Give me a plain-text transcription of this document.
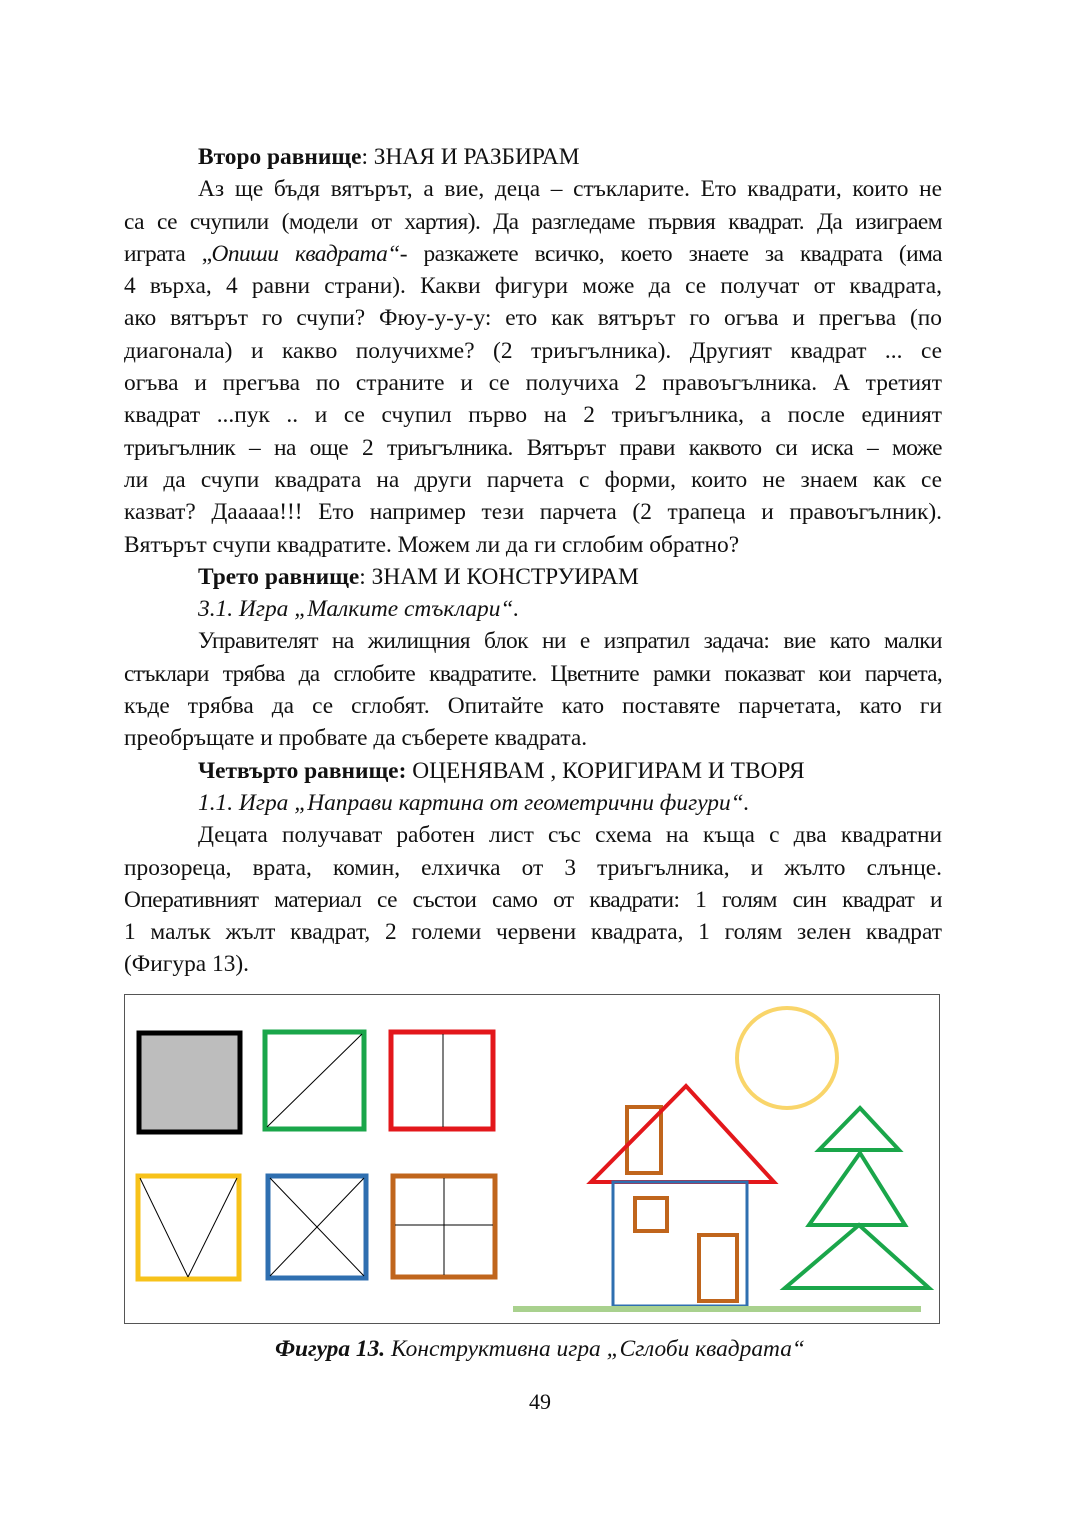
Второ равнище: ЗНАЯ И РАЗБИРАМ
Аз ще бъдя вятърът, а вие, деца – стъкларите. Ето квадрати, които не
са се счупили (модели от хартия). Да разгледаме първия квадрат. Да изиграем
играта „Опиши квадрата“- разкажете всичко, което знаете за квадрата (има
4 върха, 4 равни страни). Какви фигури може да се получат от квадрата,
ако вятърът го счупи? Фюу-у-у-у: ето как вятърът го огъва и прегъва (по
диагонала) и какво получихме? (2 триъгълника). Другият квадрат ... се
огъва и прегъва по страните и се получиха 2 правоъгълника. А третият
квадрат ...пук .. и се счупил първо на 2 триъгълника, а после единият
триъгълник – на още 2 триъгълника. Вятърът прави каквото си иска – може
ли да счупи квадрата на други парчета с форми, които не знаем как се
казват? Дааааа!!! Ето например тези парчета (2 трапеца и правоъгълник).
Вятърът счупи квадратите. Можем ли да ги сглобим обратно?
Трето равнище: ЗНАМ И КОНСТРУИРАМ
3.1. Игра „Малките стъклари“.
Управителят на жилищния блок ни е изпратил задача: вие като малки
стъклари трябва да сглобите квадратите. Цветните рамки показват кои парчета,
къде трябва да се сглобят. Опитайте като поставяте парчетата, като ги
преобръщате и пробвате да съберете квадрата.
Четвърто равнище: ОЦЕНЯВАМ , КОРИГИРАМ И ТВОРЯ
1.1. Игра „Направи картина от геометрични фигури“.
Децата получават работен лист със схема на къща с два квадратни
прозореца, врата, комин, елхичка от 3 триъгълника, и жълто слънце.
Оперативният материал се състои само от квадрати: 1 голям син квадрат и
1 малък жълт квадрат, 2 големи червени квадрата, 1 голям зелен квадрат
(Фигура 13).
Фигура 13. Конструктивна игра „Сглоби квадрата“
49
